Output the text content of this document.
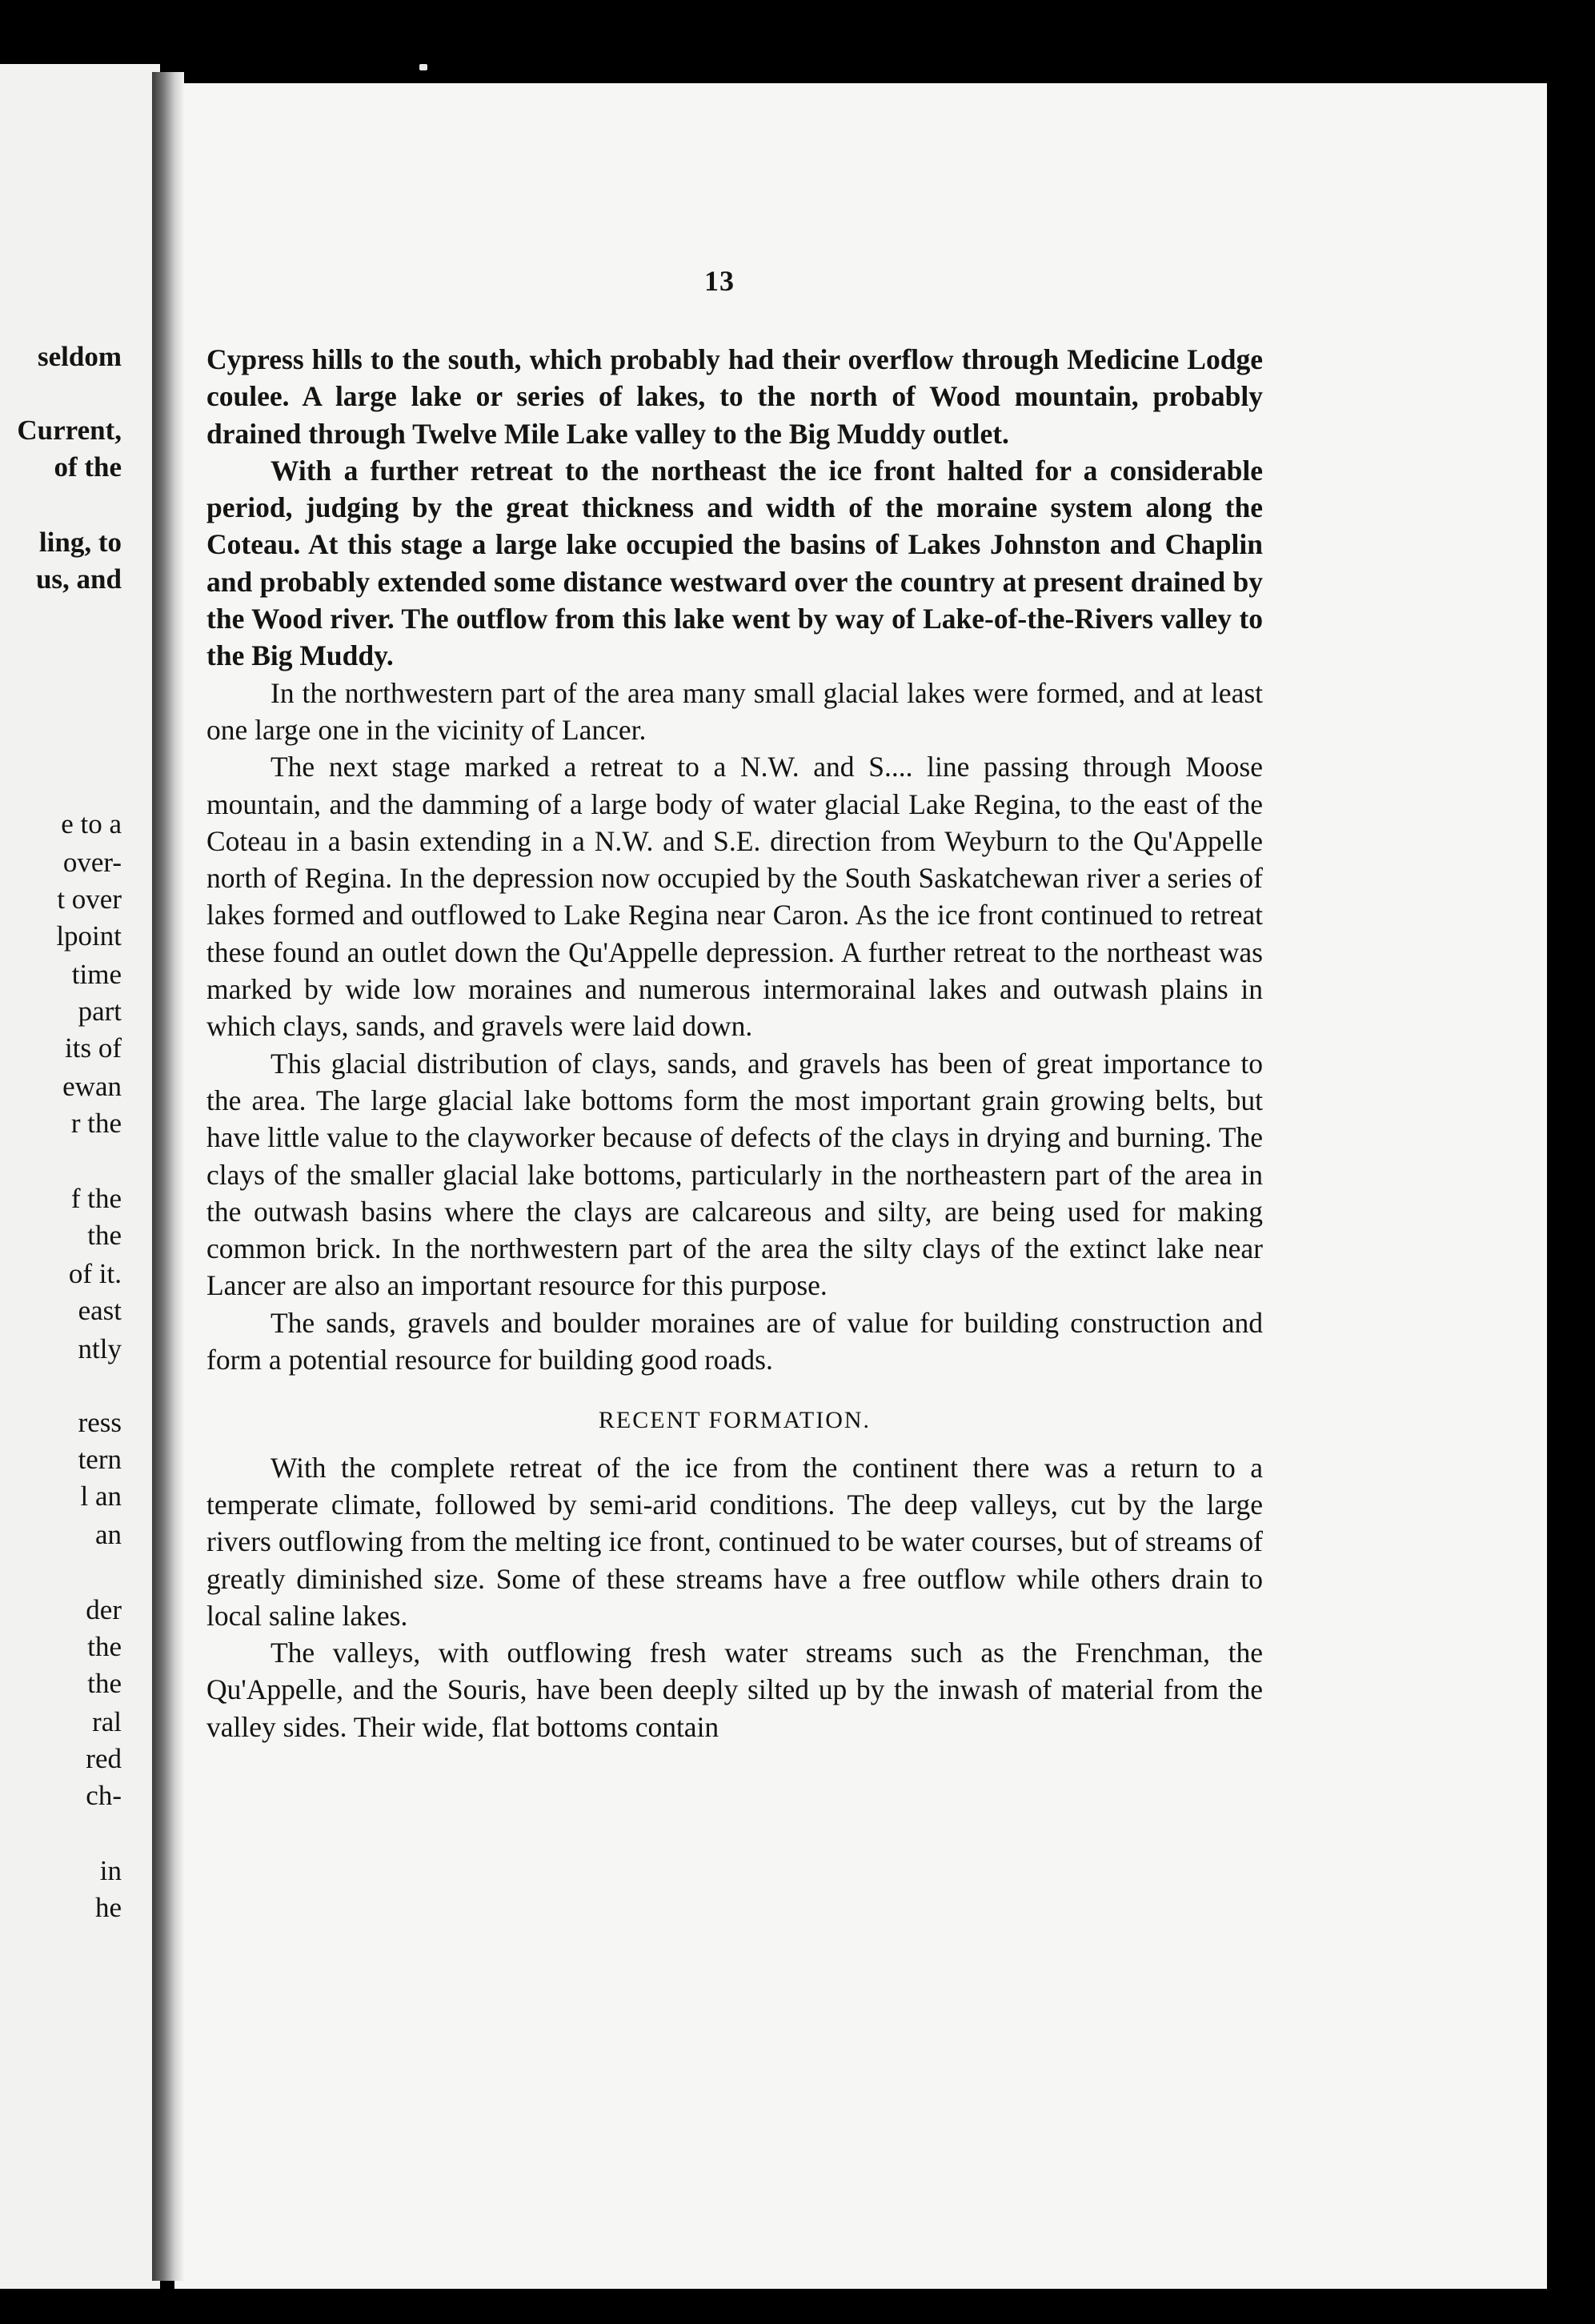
seldom
Current,
of the
ling, to
us, and
e to a
over-
t over
lpoint
time
part
its of
ewan
r the
f the
the
of it.
east
ntly
ress
tern
l an
an
der
the
the
ral
red
ch-
in
he
13

Cypress hills to the south, which probably had their overflow through Medicine Lodge coulee. A large lake or series of lakes, to the north of Wood mountain, probably drained through Twelve Mile Lake valley to the Big Muddy outlet.

With a further retreat to the northeast the ice front halted for a considerable period, judging by the great thickness and width of the moraine system along the Coteau. At this stage a large lake occupied the basins of Lakes Johnston and Chaplin and probably extended some distance westward over the country at present drained by the Wood river. The outflow from this lake went by way of Lake-of-the-Rivers valley to the Big Muddy.

In the northwestern part of the area many small glacial lakes were formed, and at least one large one in the vicinity of Lancer.

The next stage marked a retreat to a N.W. and S.... line passing through Moose mountain, and the damming of a large body of water glacial Lake Regina, to the east of the Coteau in a basin extending in a N.W. and S.E. direction from Weyburn to the Qu'Appelle north of Regina. In the depression now occupied by the South Saskatchewan river a series of lakes formed and outflowed to Lake Regina near Caron. As the ice front continued to retreat these found an outlet down the Qu'Appelle depression. A further retreat to the northeast was marked by wide low moraines and numerous intermorainal lakes and outwash plains in which clays, sands, and gravels were laid down.

This glacial distribution of clays, sands, and gravels has been of great importance to the area. The large glacial lake bottoms form the most important grain growing belts, but have little value to the clayworker because of defects of the clays in drying and burning. The clays of the smaller glacial lake bottoms, particularly in the northeastern part of the area in the outwash basins where the clays are calcareous and silty, are being used for making common brick. In the northwestern part of the area the silty clays of the extinct lake near Lancer are also an important resource for this purpose.

The sands, gravels and boulder moraines are of value for building construction and form a potential resource for building good roads.

RECENT FORMATION.

With the complete retreat of the ice from the continent there was a return to a temperate climate, followed by semi-arid conditions. The deep valleys, cut by the large rivers outflowing from the melting ice front, continued to be water courses, but of streams of greatly diminished size. Some of these streams have a free outflow while others drain to local saline lakes.

The valleys, with outflowing fresh water streams such as the Frenchman, the Qu'Appelle, and the Souris, have been deeply silted up by the inwash of material from the valley sides. Their wide, flat bottoms contain
